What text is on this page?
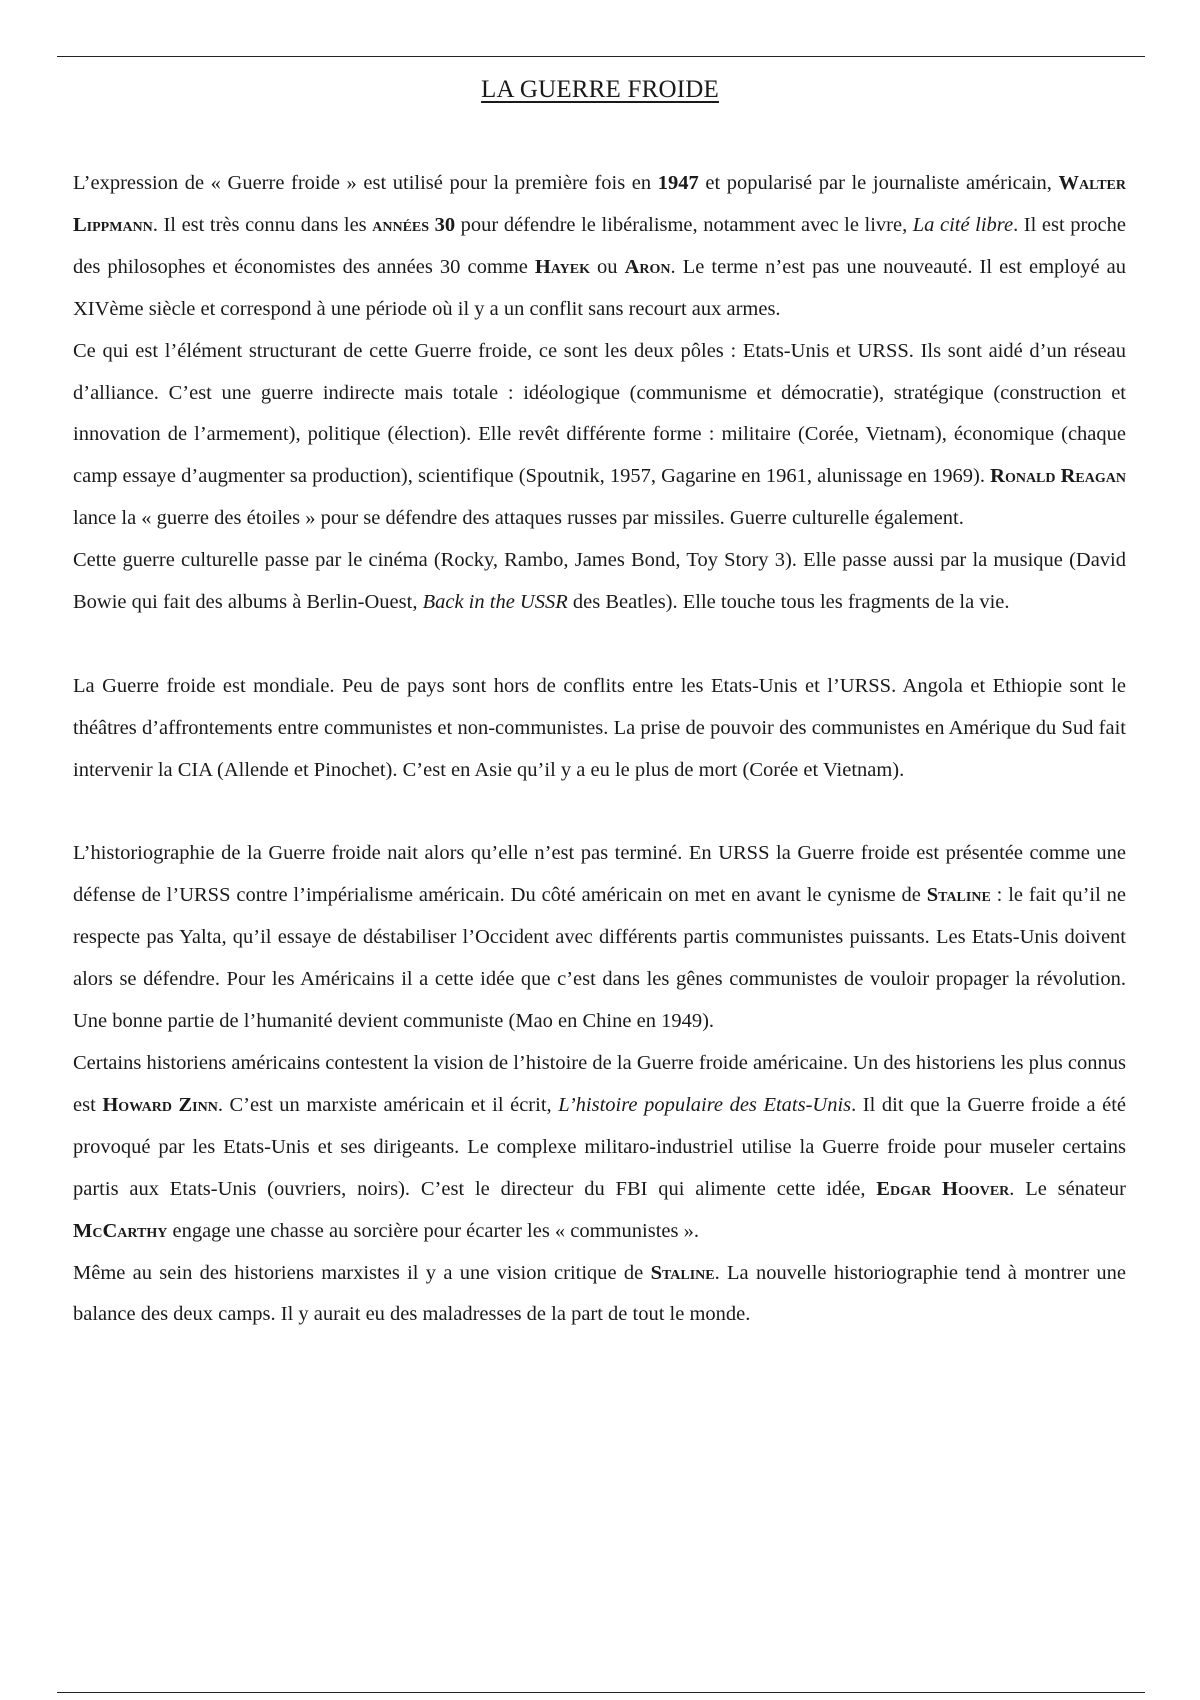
LA GUERRE FROIDE

L’expression de « Guerre froide » est utilisé pour la première fois en 1947 et popularisé par le journaliste américain, Walter Lippmann. Il est très connu dans les années 30 pour défendre le libéralisme, notamment avec le livre, La cité libre. Il est proche des philosophes et économistes des années 30 comme Hayek ou Aron. Le terme n’est pas une nouveauté. Il est employé au XIVème siècle et correspond à une période où il y a un conflit sans recourt aux armes.

Ce qui est l’élément structurant de cette Guerre froide, ce sont les deux pôles : Etats-Unis et URSS. Ils sont aidé d’un réseau d’alliance. C’est une guerre indirecte mais totale : idéologique (communisme et démocratie), stratégique (construction et innovation de l’armement), politique (élection). Elle revêt différente forme : militaire (Corée, Vietnam), économique (chaque camp essaye d’augmenter sa production), scientifique (Spoutnik, 1957, Gagarine en 1961, alunissage en 1969). Ronald Reagan lance la « guerre des étoiles » pour se défendre des attaques russes par missiles. Guerre culturelle également.

Cette guerre culturelle passe par le cinéma (Rocky, Rambo, James Bond, Toy Story 3). Elle passe aussi par la musique (David Bowie qui fait des albums à Berlin-Ouest, Back in the USSR des Beatles). Elle touche tous les fragments de la vie.

La Guerre froide est mondiale. Peu de pays sont hors de conflits entre les Etats-Unis et l’URSS. Angola et Ethiopie sont le théâtres d’affrontements entre communistes et non-communistes. La prise de pouvoir des communistes en Amérique du Sud fait intervenir la CIA (Allende et Pinochet). C’est en Asie qu’il y a eu le plus de mort (Corée et Vietnam).

L’historiographie de la Guerre froide nait alors qu’elle n’est pas terminé. En URSS la Guerre froide est présentée comme une défense de l’URSS contre l’impérialisme américain. Du côté américain on met en avant le cynisme de Staline : le fait qu’il ne respecte pas Yalta, qu’il essaye de déstabiliser l’Occident avec différents partis communistes puissants. Les Etats-Unis doivent alors se défendre. Pour les Américains il a cette idée que c’est dans les gênes communistes de vouloir propager la révolution. Une bonne partie de l’humanité devient communiste (Mao en Chine en 1949).

Certains historiens américains contestent la vision de l’histoire de la Guerre froide américaine. Un des historiens les plus connus est Howard Zinn. C’est un marxiste américain et il écrit, L’histoire populaire des Etats-Unis. Il dit que la Guerre froide a été provoqué par les Etats-Unis et ses dirigeants. Le complexe militaro-industriel utilise la Guerre froide pour museler certains partis aux Etats-Unis (ouvriers, noirs). C’est le directeur du FBI qui alimente cette idée, Edgar Hoover. Le sénateur McCarthy engage une chasse au sorcière pour écarter les « communistes ».

Même au sein des historiens marxistes il y a une vision critique de Staline. La nouvelle historiographie tend à montrer une balance des deux camps. Il y aurait eu des maladresses de la part de tout le monde.
